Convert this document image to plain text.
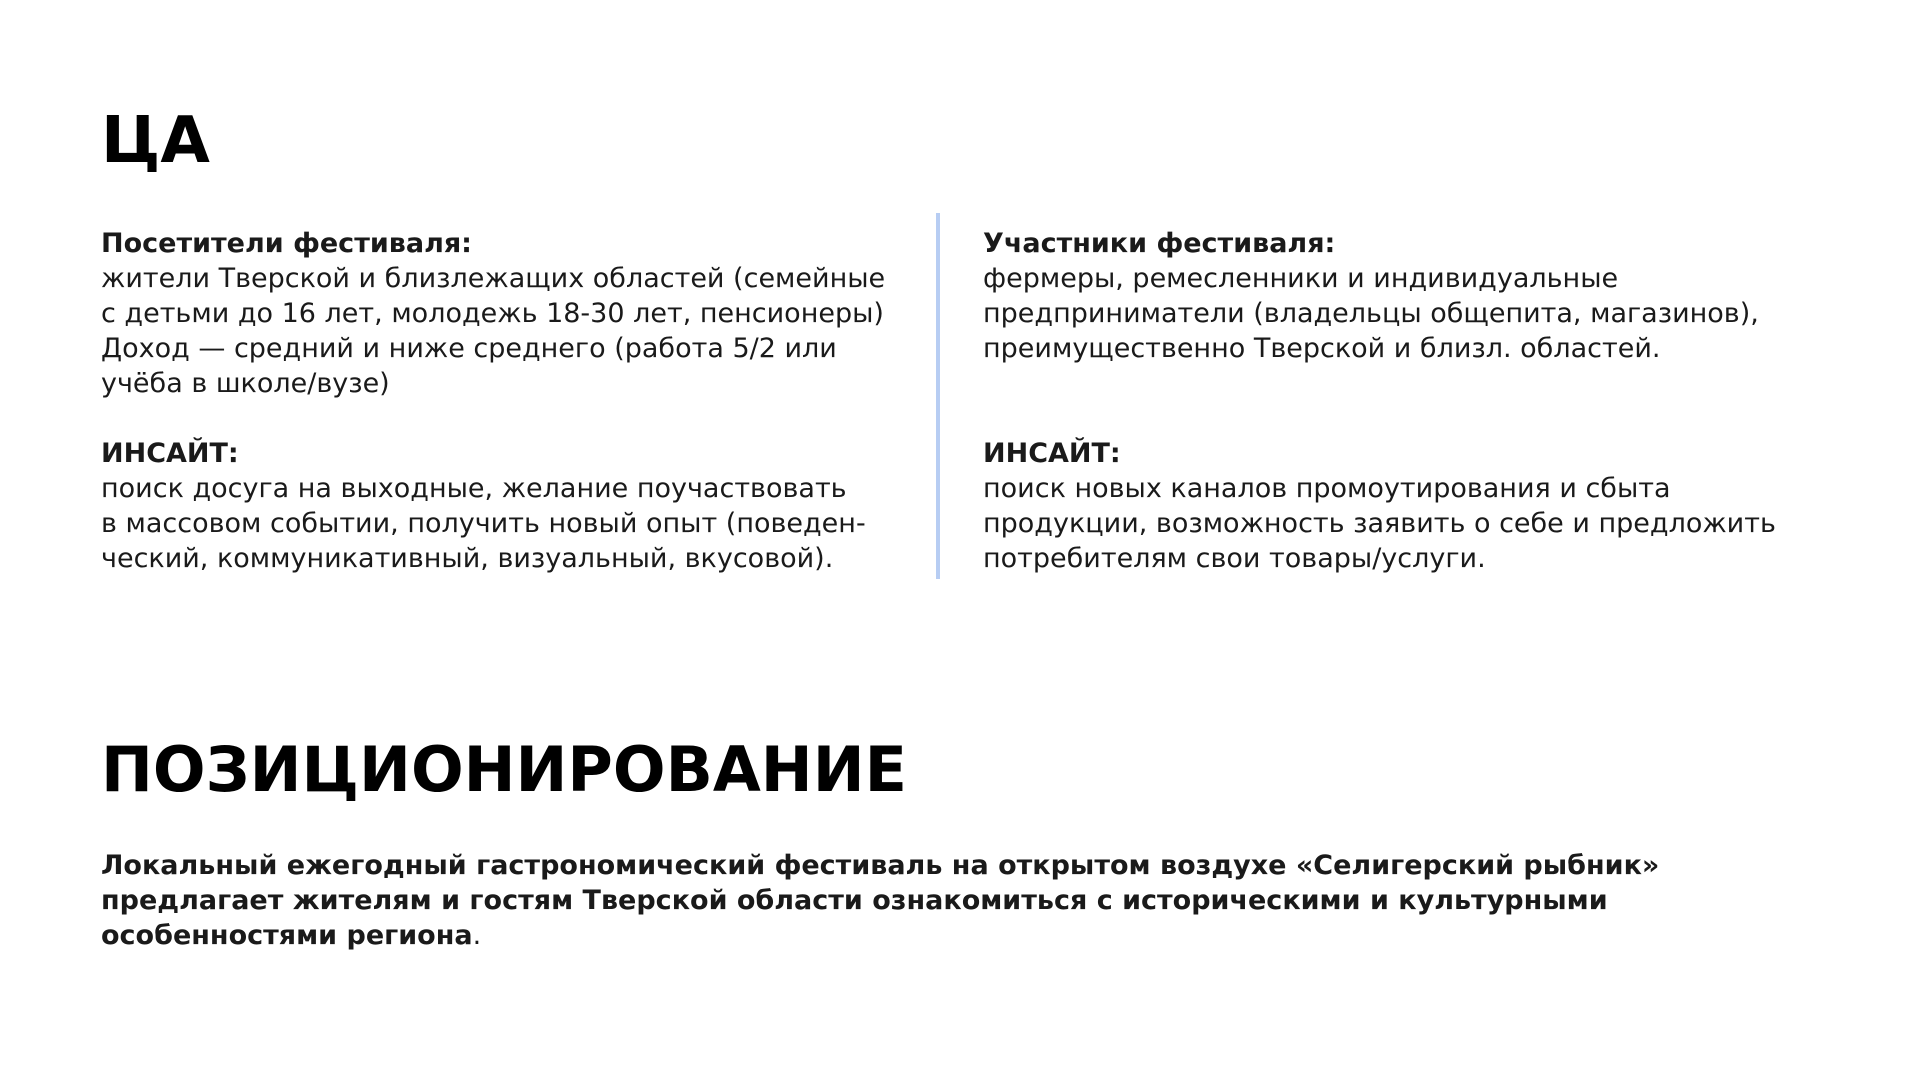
ЦА
Посетители фестиваля:

жители Тверской и близлежащих областей (семейные

с детьми до 16 лет, молодежь 18-30 лет, пенсионеры)

Доход — средний и ниже среднего (работа 5/2 или

учёба в школе/вузе)

ИНСАЙТ:

поиск досуга на выходные, желание поучаствовать

в массовом событии, получить новый опыт (поведен-

ческий, коммуникативный, визуальный, вкусовой).

Участники фестиваля:

фермеры, ремесленники и индивидуальные

предприниматели (владельцы общепита, магазинов),

преимущественно Тверской и близл. областей.

ИНСАЙТ:

поиск новых каналов промоутирования и сбыта

продукции, возможность заявить о себе и предложить

потребителям свои товары/услуги.

ПОЗИЦИОНИРОВАНИЕ
Локальный ежегодный гастрономический фестиваль на открытом воздухе «Селигерский рыбник»
предлагает жителям и гостям Тверской области ознакомиться с историческими и культурными
особенностями региона.
